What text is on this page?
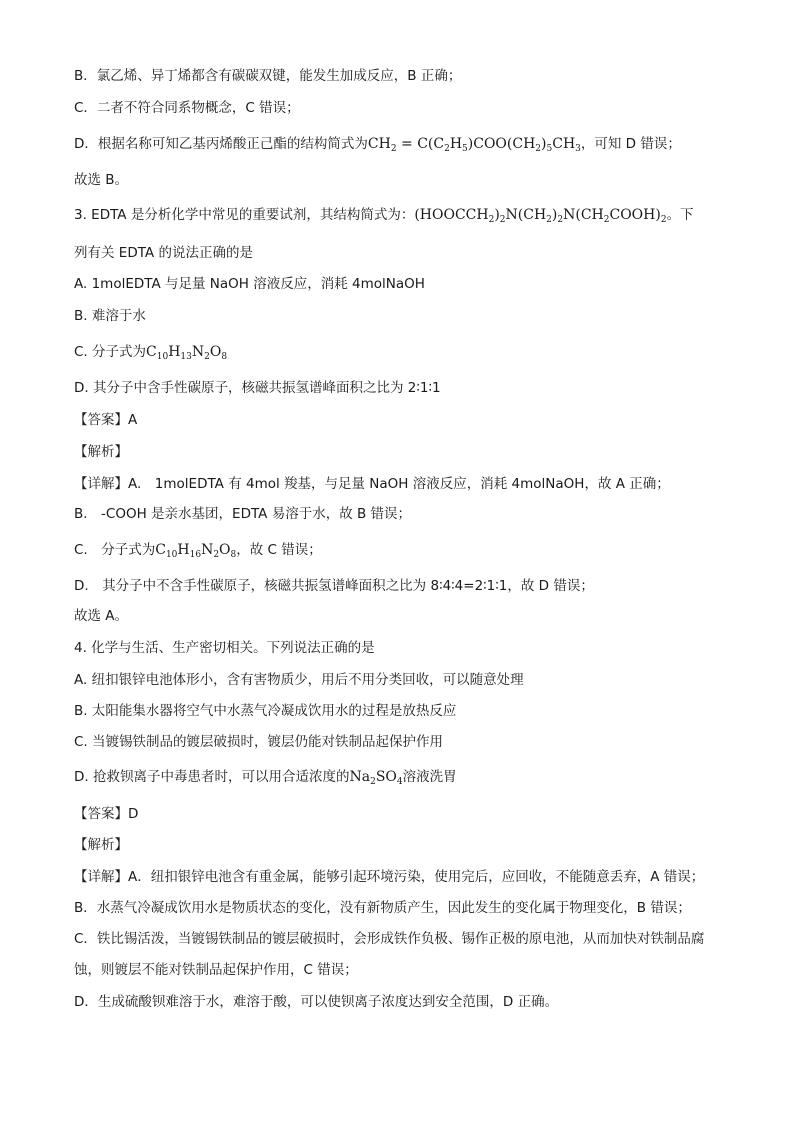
B．氯乙烯、异丁烯都含有碳碳双键，能发生加成反应，B 正确；
C．二者不符合同系物概念，C 错误；
D．根据名称可知乙基丙烯酸正己酯的结构简式为$CH_2 = C(C_2H_5)COO(CH_2)_5CH_3$，可知 D 错误；
故选 B。
3. EDTA 是分析化学中常见的重要试剂，其结构简式为：$(HOOCCH_2)_2N(CH_2)_2N(CH_2COOH)_2$。下
列有关 EDTA 的说法正确的是
A. 1molEDTA 与足量 NaOH 溶液反应，消耗 4molNaOH
B. 难溶于水
C. 分子式为$C_{10}H_{13}N_2O_8$
D. 其分子中含手性碳原子，核磁共振氢谱峰面积之比为 2∶1∶1
【答案】A
【解析】
【详解】A.　1molEDTA 有 4mol 羧基，与足量 NaOH 溶液反应，消耗 4molNaOH，故 A 正确；
B.　-COOH 是亲水基团，EDTA 易溶于水，故 B 错误；
C.　分子式为$C_{10}H_{16}N_2O_8$，故 C 错误；
D.　其分子中不含手性碳原子，核磁共振氢谱峰面积之比为 8∶4∶4=2∶1∶1，故 D 错误；
故选 A。
4. 化学与生活、生产密切相关。下列说法正确的是
A. 纽扣银锌电池体形小，含有害物质少，用后不用分类回收，可以随意处理
B. 太阳能集水器将空气中水蒸气冷凝成饮用水的过程是放热反应
C. 当镀锡铁制品的镀层破损时，镀层仍能对铁制品起保护作用
D. 抢救钡离子中毒患者时，可以用合适浓度的$Na_2SO_4$溶液洗胃
【答案】D
【解析】
【详解】A．纽扣银锌电池含有重金属，能够引起环境污染，使用完后，应回收，不能随意丢弃，A 错误；
B．水蒸气冷凝成饮用水是物质状态的变化，没有新物质产生，因此发生的变化属于物理变化，B 错误；
C．铁比锡活泼，当镀锡铁制品的镀层破损时，会形成铁作负极、锡作正极的原电池，从而加快对铁制品腐
蚀，则镀层不能对铁制品起保护作用，C 错误；
D．生成硫酸钡难溶于水，难溶于酸，可以使钡离子浓度达到安全范围，D 正确。
